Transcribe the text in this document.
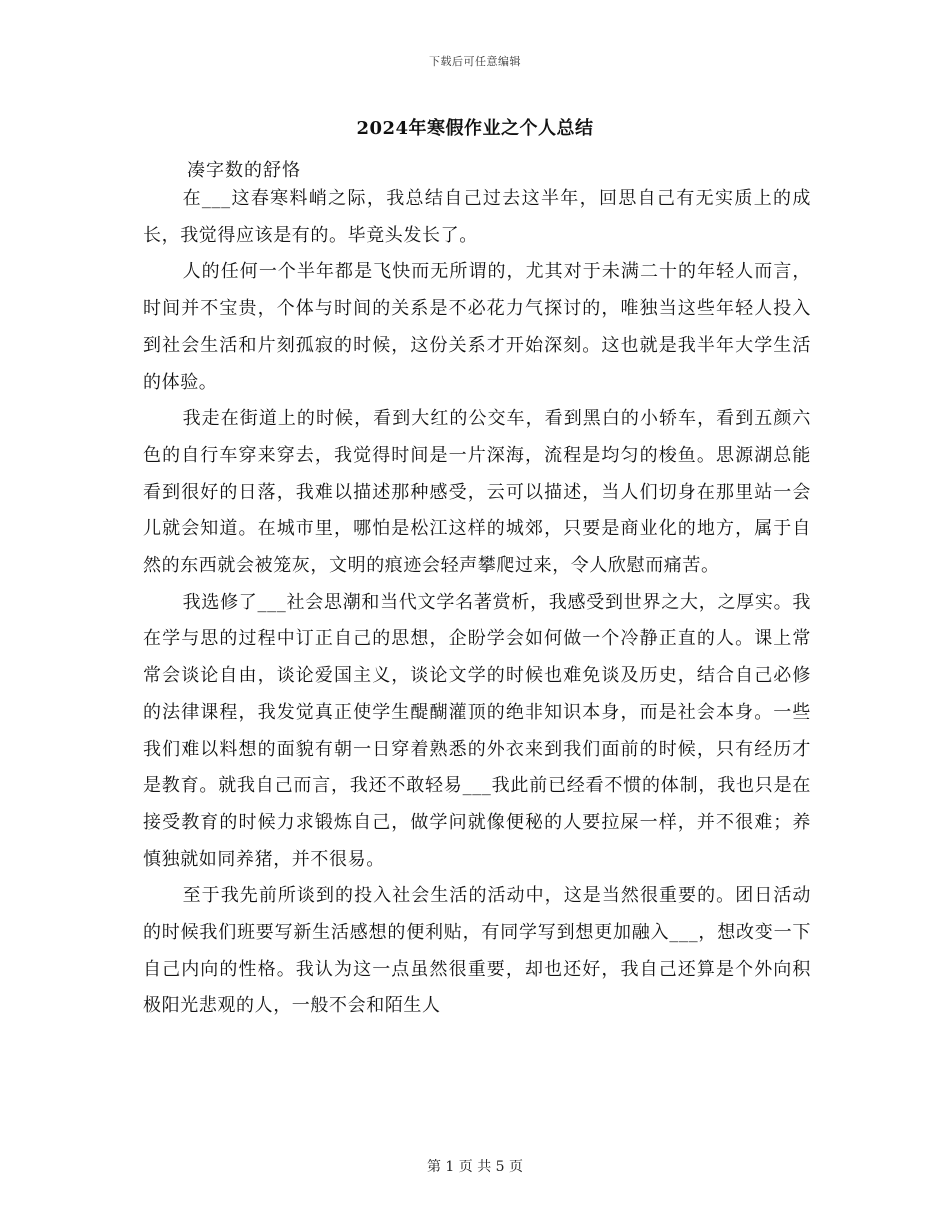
下载后可任意编辑
2024年寒假作业之个人总结
凑字数的舒恪

在___这春寒料峭之际，我总结自己过去这半年，回思自己有无实质上的成长，我觉得应该是有的。毕竟头发长了。

人的任何一个半年都是飞快而无所谓的，尤其对于未满二十的年轻人而言，时间并不宝贵，个体与时间的关系是不必花力气探讨的，唯独当这些年轻人投入到社会生活和片刻孤寂的时候，这份关系才开始深刻。这也就是我半年大学生活的体验。

我走在街道上的时候，看到大红的公交车，看到黑白的小轿车，看到五颜六色的自行车穿来穿去，我觉得时间是一片深海，流程是均匀的梭鱼。思源湖总能看到很好的日落，我难以描述那种感受，云可以描述，当人们切身在那里站一会儿就会知道。在城市里，哪怕是松江这样的城郊，只要是商业化的地方，属于自然的东西就会被笼灰，文明的痕迹会轻声攀爬过来，令人欣慰而痛苦。

我选修了___社会思潮和当代文学名著赏析，我感受到世界之大，之厚实。我在学与思的过程中订正自己的思想，企盼学会如何做一个冷静正直的人。课上常常会谈论自由，谈论爱国主义，谈论文学的时候也难免谈及历史，结合自己必修的法律课程，我发觉真正使学生醍醐灌顶的绝非知识本身，而是社会本身。一些我们难以料想的面貌有朝一日穿着熟悉的外衣来到我们面前的时候，只有经历才是教育。就我自己而言，我还不敢轻易___我此前已经看不惯的体制，我也只是在接受教育的时候力求锻炼自己，做学问就像便秘的人要拉屎一样，并不很难；养慎独就如同养猪，并不很易。

至于我先前所谈到的投入社会生活的活动中，这是当然很重要的。团日活动的时候我们班要写新生活感想的便利贴，有同学写到想更加融入___，想改变一下自己内向的性格。我认为这一点虽然很重要，却也还好，我自己还算是个外向积极阳光悲观的人，一般不会和陌生人

第 1 页 共 5 页
